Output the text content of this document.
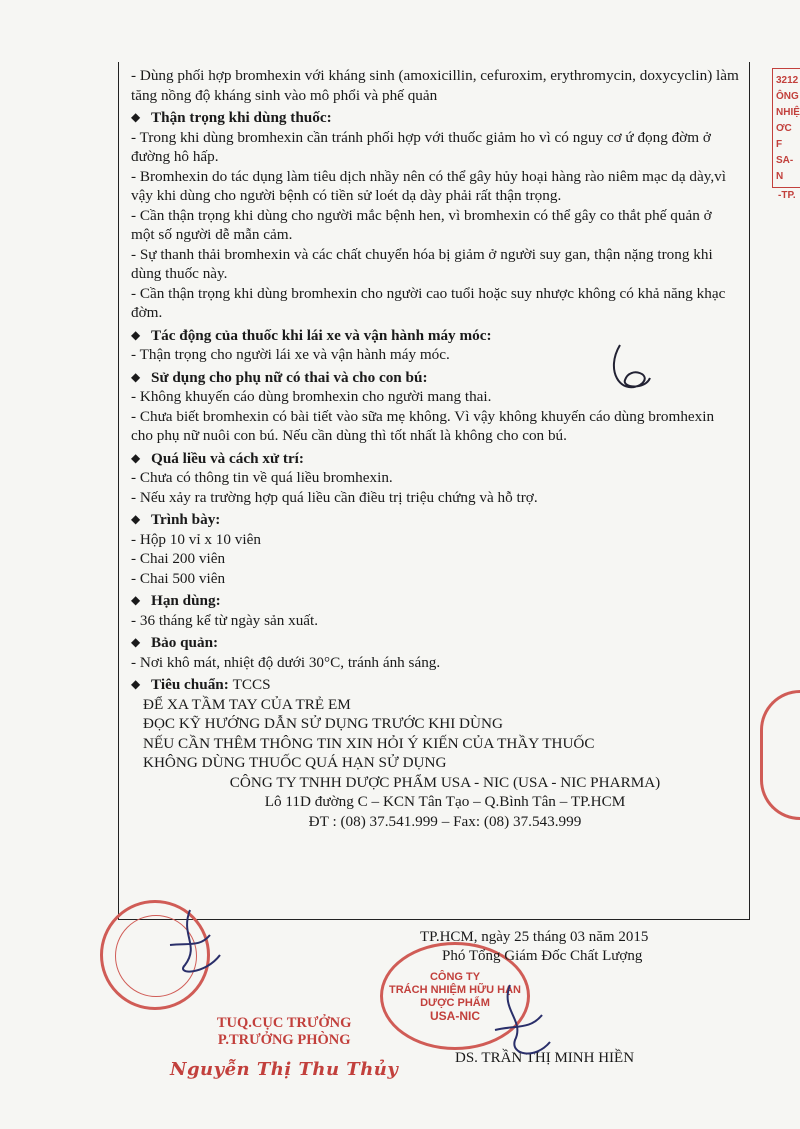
- Dùng phối hợp bromhexin với kháng sinh (amoxicillin, cefuroxim, erythromycin, doxycyclin) làm tăng nồng độ kháng sinh vào mô phổi và phế quản
◆ Thận trọng khi dùng thuốc:
- Trong khi dùng bromhexin cần tránh phối hợp với thuốc giảm ho vì có nguy cơ ứ đọng đờm ở đường hô hấp.
- Bromhexin do tác dụng làm tiêu dịch nhầy nên có thể gây hủy hoại hàng rào niêm mạc dạ dày,vì vậy khi dùng cho người bệnh có tiền sử loét dạ dày phải rất thận trọng.
- Cần thận trọng khi dùng cho người mắc bệnh hen, vì bromhexin có thể gây co thắt phế quản ở một số người dễ mẫn cảm.
- Sự thanh thải bromhexin và các chất chuyển hóa bị giảm ở người suy gan, thận nặng trong khi dùng thuốc này.
- Cần thận trọng khi dùng bromhexin cho người cao tuổi hoặc suy nhược không có khả năng khạc đờm.
◆ Tác động của thuốc khi lái xe và vận hành máy móc:
- Thận trọng cho người lái xe và vận hành máy móc.
◆ Sử dụng cho phụ nữ có thai và cho con bú:
- Không khuyến cáo dùng bromhexin cho người mang thai.
- Chưa biết bromhexin có bài tiết vào sữa mẹ không. Vì vậy không khuyến cáo dùng bromhexin cho phụ nữ nuôi con bú. Nếu cần dùng thì tốt nhất là không cho con bú.
◆ Quá liều và cách xử trí:
- Chưa có thông tin về quá liều bromhexin.
- Nếu xảy ra trường hợp quá liều cần điều trị triệu chứng và hỗ trợ.
◆ Trình bày:
- Hộp 10 vỉ x 10 viên
- Chai 200 viên
- Chai 500 viên
◆ Hạn dùng:
- 36 tháng kể từ ngày sản xuất.
◆ Bảo quản:
- Nơi khô mát, nhiệt độ dưới 30°C, tránh ánh sáng.
◆ Tiêu chuẩn:
TCCS
ĐỂ XA TẦM TAY CỦA TRẺ EM
ĐỌC KỸ HƯỚNG DẪN SỬ DỤNG TRƯỚC KHI DÙNG
NẾU CẦN THÊM THÔNG TIN XIN HỎI Ý KIẾN CỦA THẦY THUỐC
KHÔNG DÙNG THUỐC QUÁ HẠN SỬ DỤNG
CÔNG TY TNHH DƯỢC PHẨM USA - NIC (USA - NIC PHARMA)
Lô 11D đường C – KCN Tân Tạo – Q.Bình Tân – TP.HCM
ĐT : (08) 37.541.999 – Fax: (08) 37.543.999
3212
ÔNG
NHIỆ
ƠC F
SA-N
-TP.
CÔNG TY
TRÁCH NHIỆM HỮU HẠN
DƯỢC PHẨM
USA-NIC
TP.HCM, ngày 25 tháng 03 năm 2015
Phó Tổng Giám Đốc Chất Lượng
DS. TRẦN THỊ MINH HIỀN
TUQ.CỤC TRƯỞNG
P.TRƯỞNG PHÒNG
Nguyễn Thị Thu Thủy
